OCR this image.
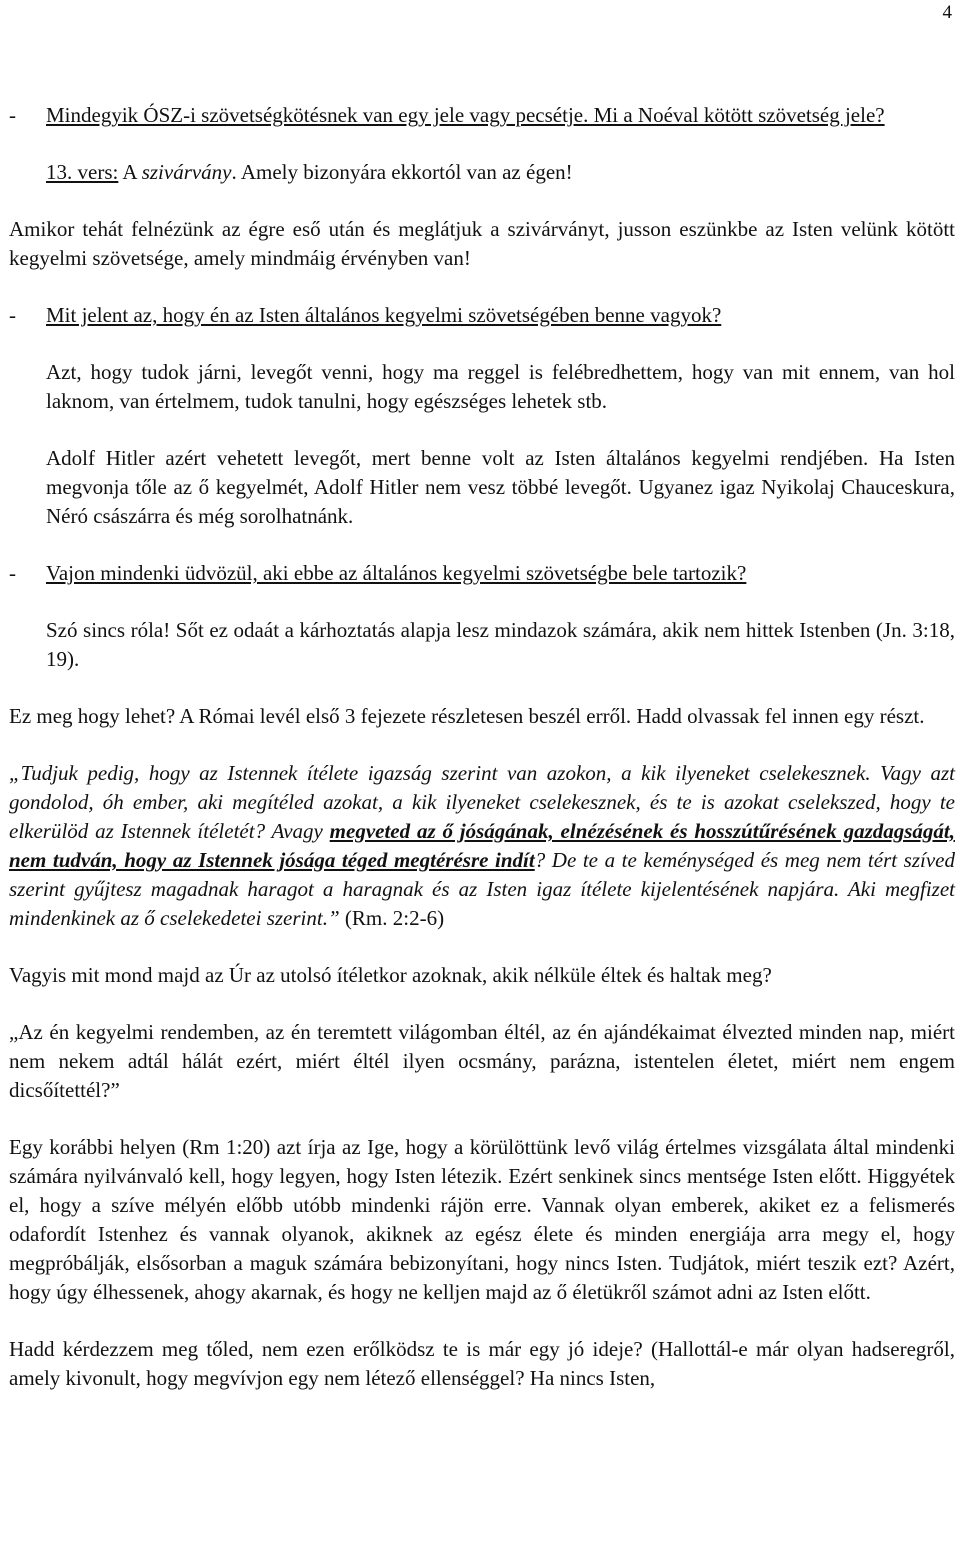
4
-	Mindegyik ÓSZ-i szövetségkötésnek van egy jele vagy pecsétje. Mi a Noéval kötött szövetség jele?

13. vers: A szivárvány. Amely bizonyára ekkortól van az égen!

Amikor tehát felnézünk az égre eső után és meglátjuk a szivárványt, jusson eszünkbe az Isten velünk kötött kegyelmi szövetsége, amely mindmáig érvényben van!

-	Mit jelent az, hogy én az Isten általános kegyelmi szövetségében benne vagyok?

Azt, hogy tudok járni, levegőt venni, hogy ma reggel is felébredhettem, hogy van mit ennem, van hol laknom, van értelmem, tudok tanulni, hogy egészséges lehetek stb.

Adolf Hitler azért vehetett levegőt, mert benne volt az Isten általános kegyelmi rendjében. Ha Isten megvonja tőle az ő kegyelmét, Adolf Hitler nem vesz többé levegőt. Ugyanez igaz Nyikolaj Chauceskura, Néró császárra és még sorolhatnánk.

-	Vajon mindenki üdvözül, aki ebbe az általános kegyelmi szövetségbe bele tartozik?

Szó sincs róla! Sőt ez odaát a kárhoztatás alapja lesz mindazok számára, akik nem hittek Istenben (Jn. 3:18, 19).

Ez meg hogy lehet? A Római levél első 3 fejezete részletesen beszél erről. Hadd olvassak fel innen egy részt.

„Tudjuk pedig, hogy az Istennek ítélete igazság szerint van azokon, a kik ilyeneket cselekesznek. Vagy azt gondolod, óh ember, aki megítéled azokat, a kik ilyeneket cselekesznek, és te is azokat cselekszed, hogy te elkerülöd az Istennek ítéletét? Avagy megveted az ő jóságának, elnézésének és hosszútűrésének gazdagságát, nem tudván, hogy az Istennek jósága téged megtérésre indít? De te a te keménységed és meg nem tért szíved szerint gyűjtesz magadnak haragot a haragnak és az Isten igaz ítélete kijelentésének napjára. Aki megfizet mindenkinek az ő cselekedetei szerint.” (Rm. 2:2-6)

Vagyis mit mond majd az Úr az utolsó ítéletkor azoknak, akik nélküle éltek és haltak meg?

„Az én kegyelmi rendemben, az én teremtett világomban éltél, az én ajándékaimat élvezted minden nap, miért nem nekem adtál hálát ezért, miért éltél ilyen ocsmány, parázna, istentelen életet, miért nem engem dicsőítettél?”

Egy korábbi helyen (Rm 1:20) azt írja az Ige, hogy a körülöttünk levő világ értelmes vizsgálata által mindenki számára nyilvánvaló kell, hogy legyen, hogy Isten létezik. Ezért senkinek sincs mentsége Isten előtt. Higgyétek el, hogy a szíve mélyén előbb utóbb mindenki rájön erre. Vannak olyan emberek, akiket ez a felismerés odafordít Istenhez és vannak olyanok, akiknek az egész élete és minden energiája arra megy el, hogy megpróbálják, elsősorban a maguk számára bebizonyítani, hogy nincs Isten. Tudjátok, miért teszik ezt? Azért, hogy úgy élhessenek, ahogy akarnak, és hogy ne kelljen majd az ő életükről számot adni az Isten előtt.

Hadd kérdezzem meg tőled, nem ezen erőlködsz te is már egy jó ideje? (Hallottál-e már olyan hadseregről, amely kivonult, hogy megvívjon egy nem létező ellenséggel? Ha nincs Isten,
